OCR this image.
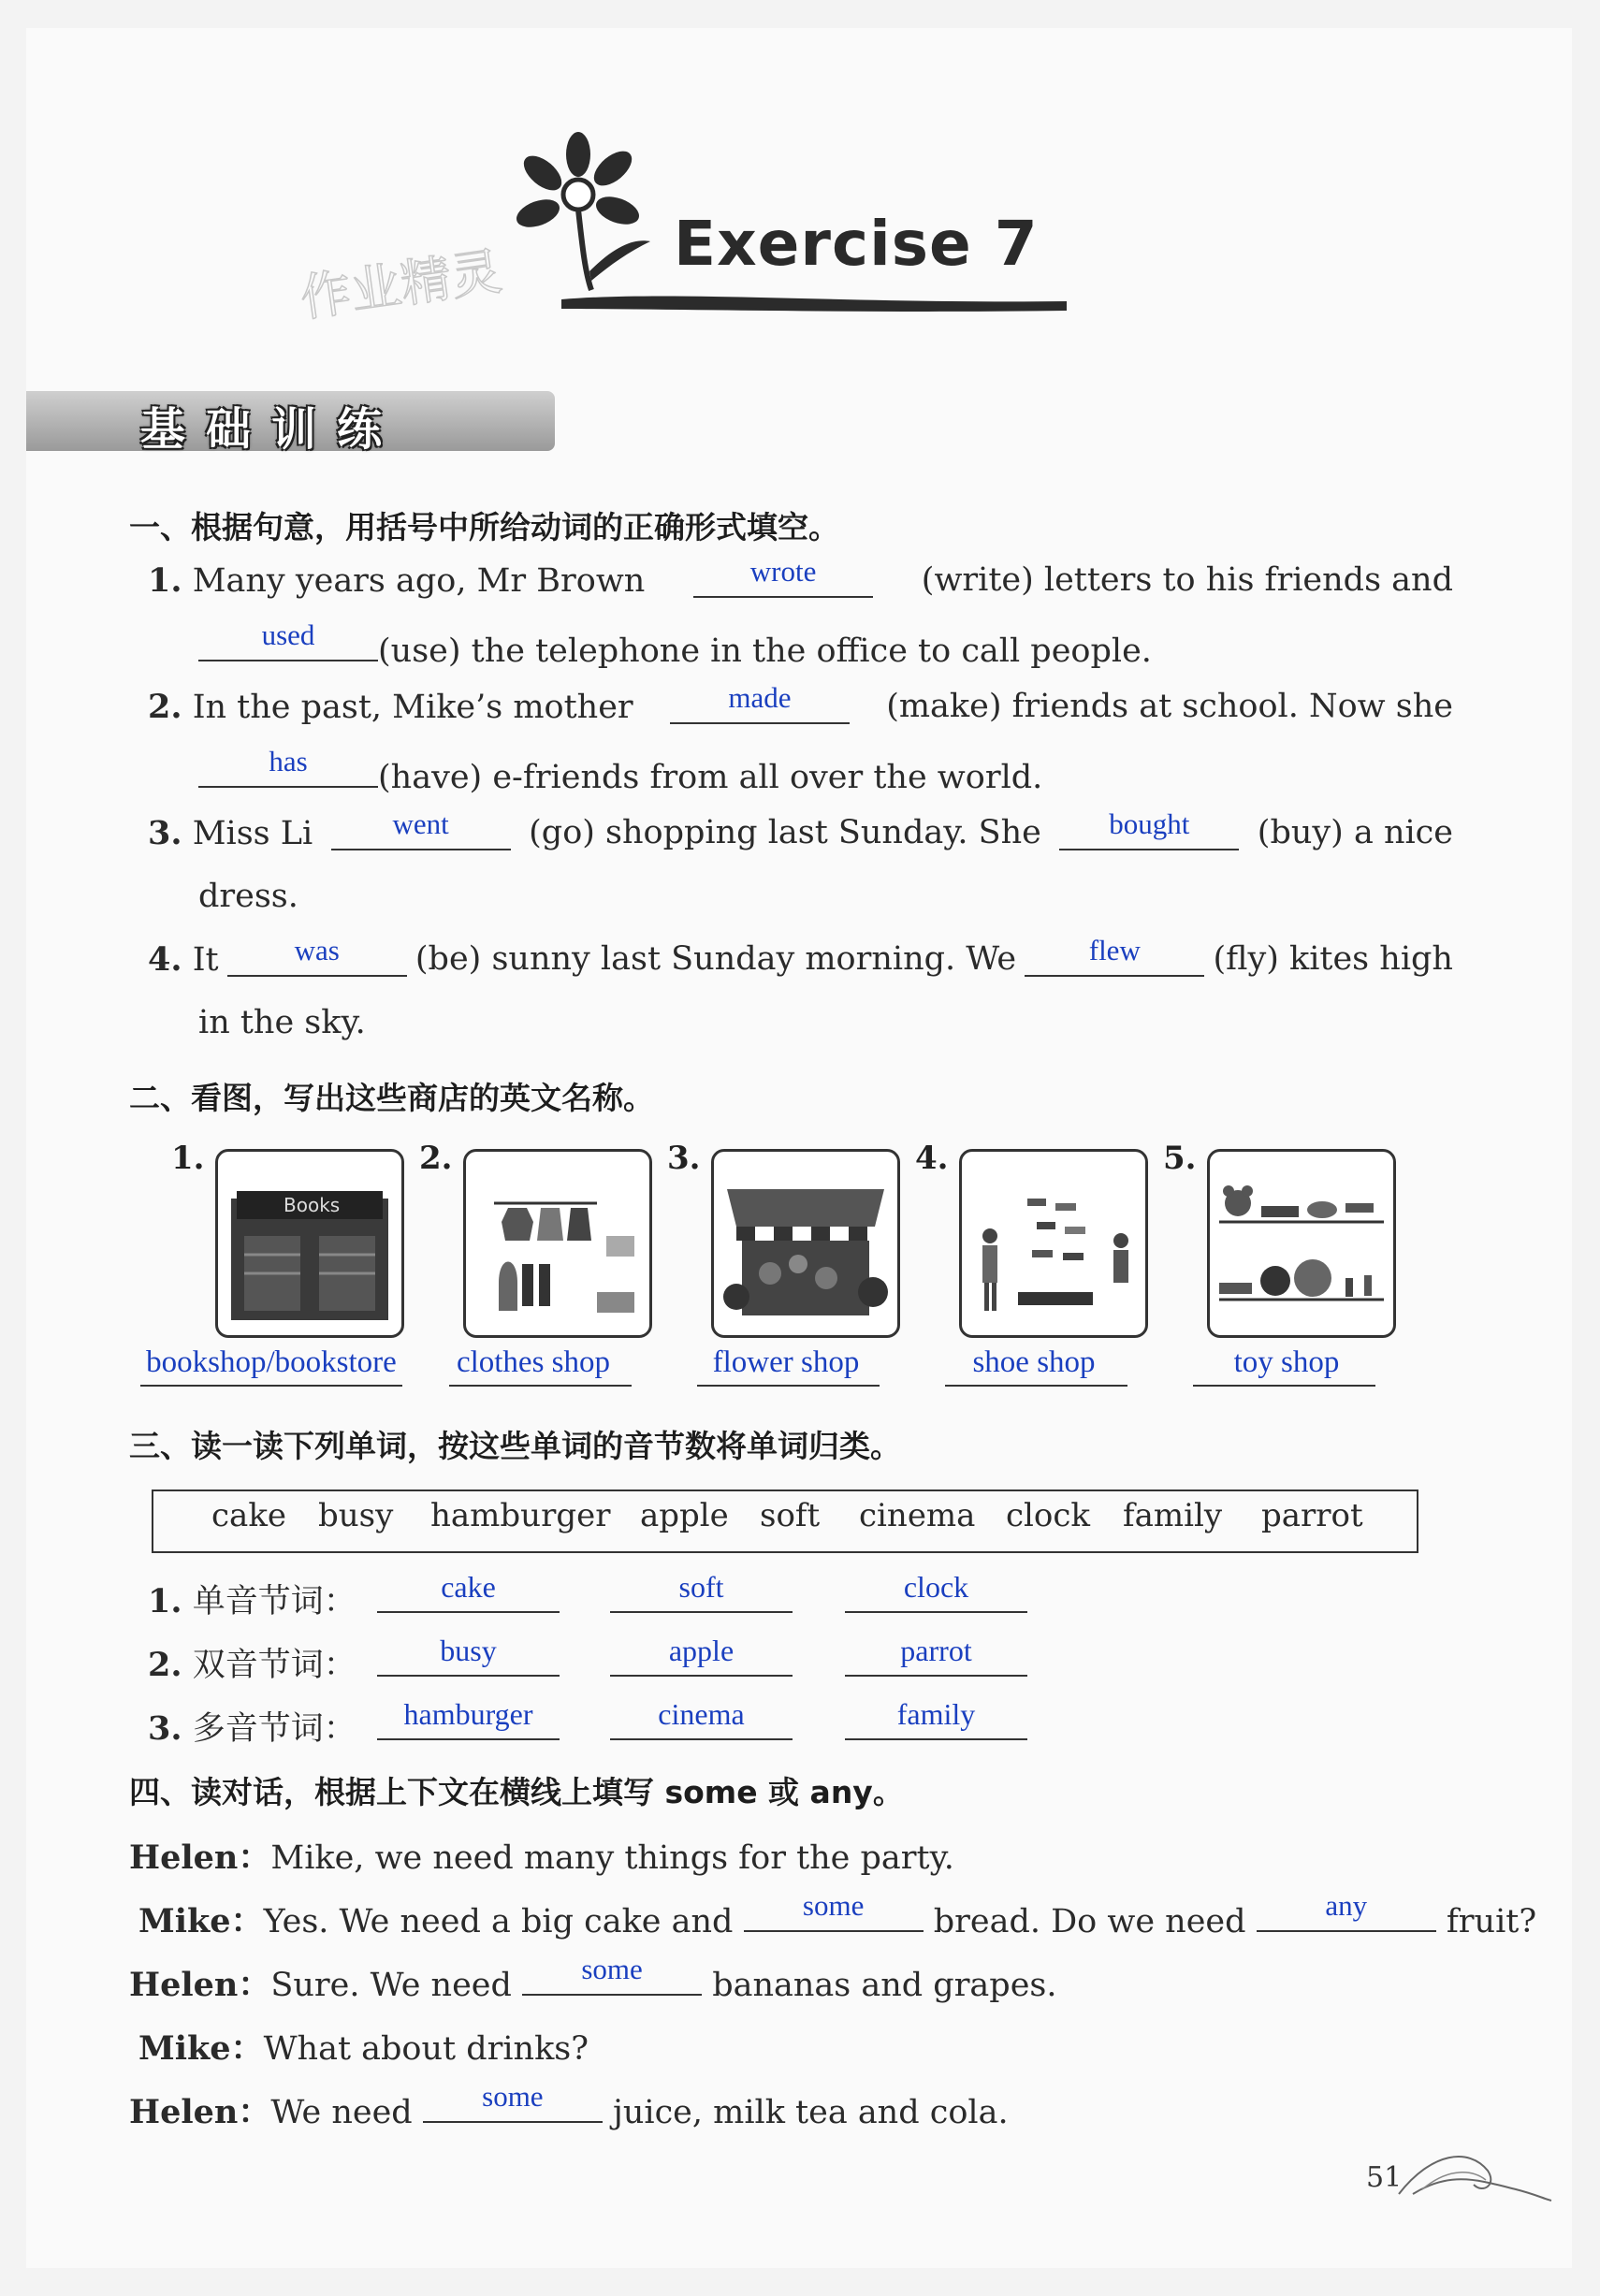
Exercise 7
作业精灵
基础训练
一、根据句意，用括号中所给动词的正确形式填空。
1. Many years ago, Mr Brown	wrote	(write) letters to his friends and
used	(use) the telephone in the office to call people.
2. In the past, Mike’s mother	made	(make) friends at school. Now she
has	(have) e-friends from all over the world.
3. Miss Li	went	(go) shopping last Sunday. She	bought	(buy) a nice
dress.
4. It	was	(be) sunny last Sunday morning. We	flew	(fly) kites high
in the sky.
二、看图，写出这些商店的英文名称。
1.
Books
2.	3.	4.	5.
bookshop/bookstore	clothes shop	flower shop	shoe shop	toy shop
三、读一读下列单词，按这些单词的音节数将单词归类。
cake busy hamburger apple soft cinema clock family parrot
1. 单音节词：	cake	soft	clock
2. 双音节词：	busy	apple	parrot
3. 多音节词：	hamburger	cinema	family
四、读对话，根据上下文在横线上填写 some 或 any。
Helen：Mike, we need many things for the party.
Mike：Yes. We need a big cake and	some	bread. Do we need	any	fruit?
Helen：Sure. We need	some	bananas and grapes.
Mike：What about drinks?
Helen：We need	some	juice, milk tea and cola.
51
